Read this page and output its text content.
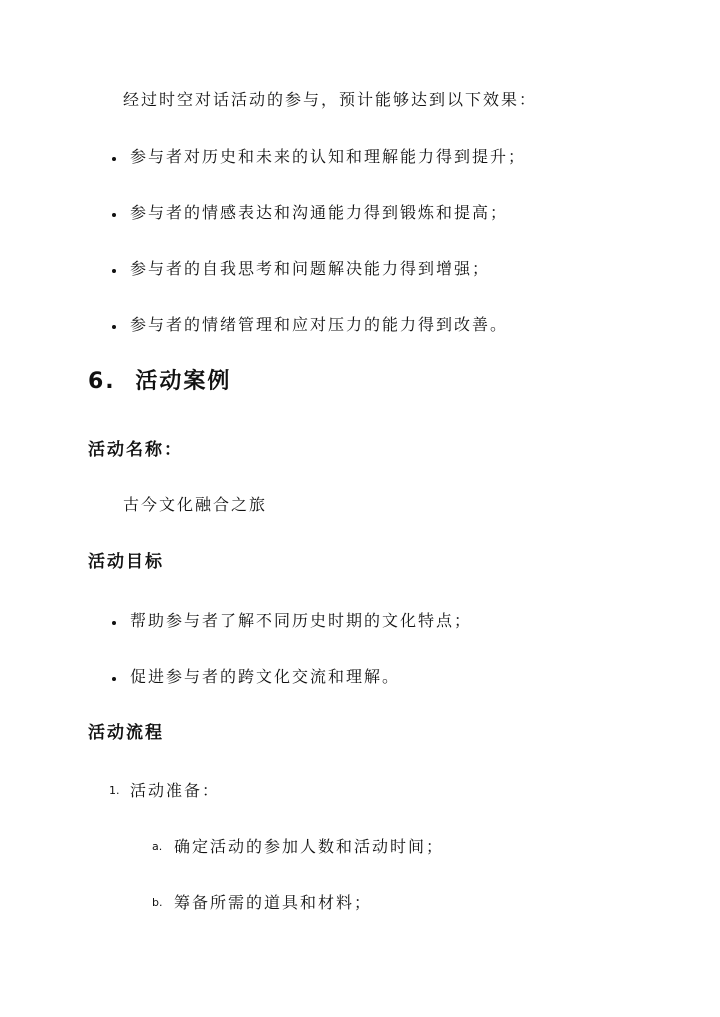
经过时空对话活动的参与，预计能够达到以下效果：
参与者对历史和未来的认知和理解能力得到提升；
参与者的情感表达和沟通能力得到锻炼和提高；
参与者的自我思考和问题解决能力得到增强；
参与者的情绪管理和应对压力的能力得到改善。
6. 活动案例
活动名称：
古今文化融合之旅
活动目标
帮助参与者了解不同历史时期的文化特点；
促进参与者的跨文化交流和理解。
活动流程
1. 活动准备：
a. 确定活动的参加人数和活动时间；
b. 筹备所需的道具和材料；
